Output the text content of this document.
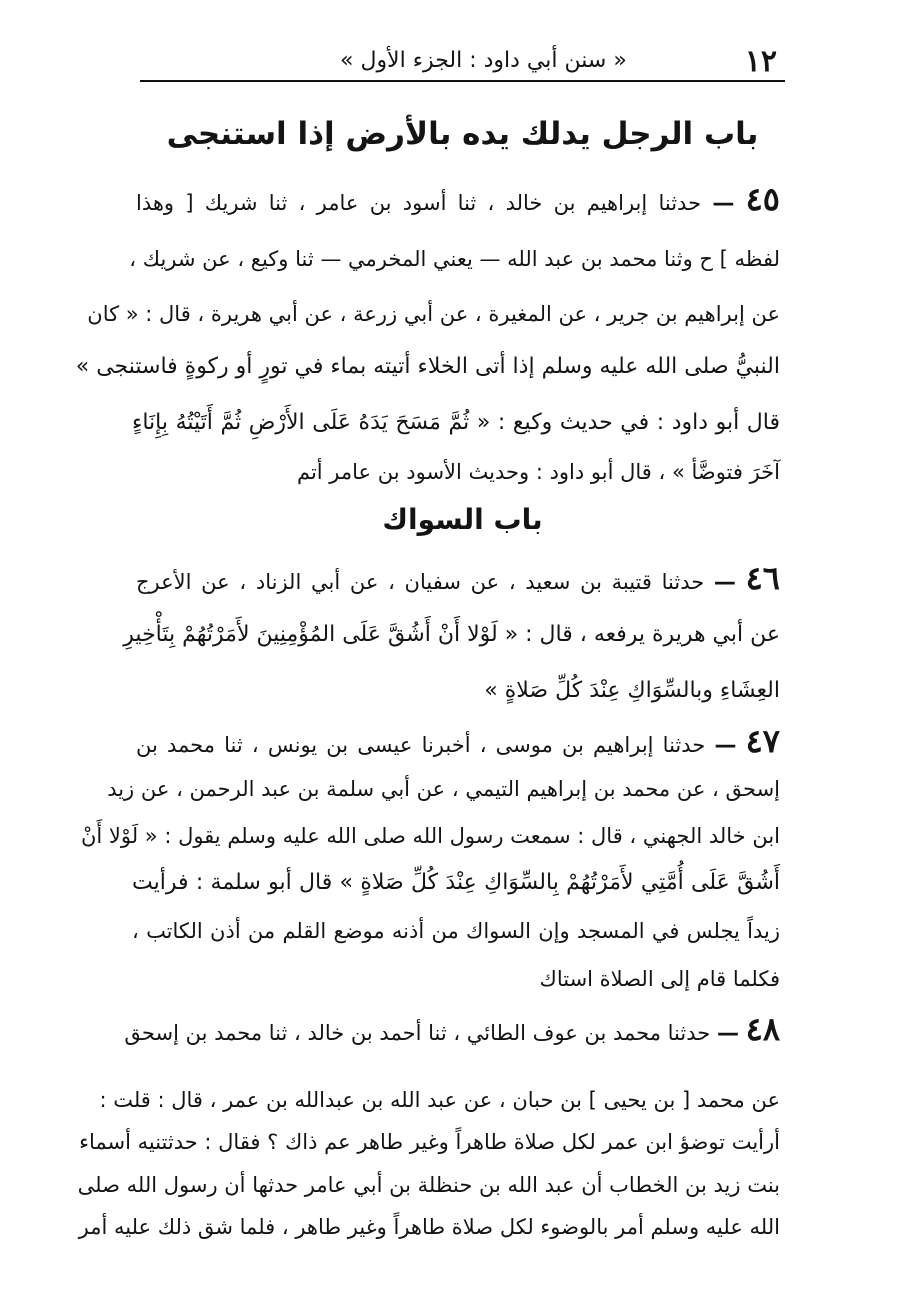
١٢
« سنن أبي داود : الجزء الأول »
باب الرجل يدلك يده بالأرض إذا استنجى
٤٥ — حدثنا إبراهيم بن خالد ، ثنا أسود بن عامر ، ثنا شريك [ وهذا
لفظه ] ح وثنا محمد بن عبد الله — يعني المخرمي — ثنا وكيع ، عن شريك ،
عن إبراهيم بن جرير ، عن المغيرة ، عن أبي زرعة ، عن أبي هريرة ، قال : « كان
النبيُّ صلى الله عليه وسلم إذا أتى الخلاء أتيته بماء في تورٍ أو ركوةٍ فاستنجى »
قال أبو داود : في حديث وكيع : « ثُمَّ مَسَحَ يَدَهُ عَلَى الأَرْضِ ثُمَّ أَتَيْتُهُ بِإِنَاءٍ
آخَرَ فتوضَّأ » ، قال أبو داود : وحديث الأسود بن عامر أتم
باب السواك
٤٦ — حدثنا قتيبة بن سعيد ، عن سفيان ، عن أبي الزناد ، عن الأعرج
عن أبي هريرة يرفعه ، قال : « لَوْلا أَنْ أَشُقَّ عَلَى المُؤْمِنِينَ لأَمَرْتُهُمْ بِتَأْخِيرِ
العِشَاءِ وبالسِّوَاكِ عِنْدَ كُلِّ صَلاةٍ »
٤٧ — حدثنا إبراهيم بن موسى ، أخبرنا عيسى بن يونس ، ثنا محمد بن
إسحق ، عن محمد بن إبراهيم التيمي ، عن أبي سلمة بن عبد الرحمن ، عن زيد
ابن خالد الجهني ، قال : سمعت رسول الله صلى الله عليه وسلم يقول : « لَوْلا أَنْ
أَشُقَّ عَلَى أُمَّتِي لأَمَرْتُهُمْ بِالسِّوَاكِ عِنْدَ كُلِّ صَلاةٍ » قال أبو سلمة : فرأيت
زيداً يجلس في المسجد وإن السواك من أذنه موضع القلم من أذن الكاتب ،
فكلما قام إلى الصلاة استاك
٤٨ — حدثنا محمد بن عوف الطائي ، ثنا أحمد بن خالد ، ثنا محمد بن إسحق
عن محمد [ بن يحيى ] بن حبان ، عن عبد الله بن عبدالله بن عمر ، قال : قلت :
أرأيت توضؤ ابن عمر لكل صلاة طاهراً وغير طاهر عم ذاك ؟ فقال : حدثتنيه أسماء
بنت زيد بن الخطاب أن عبد الله بن حنظلة بن أبي عامر حدثها أن رسول الله صلى
الله عليه وسلم أمر بالوضوء لكل صلاة طاهراً وغير طاهر ، فلما شق ذلك عليه أمر
